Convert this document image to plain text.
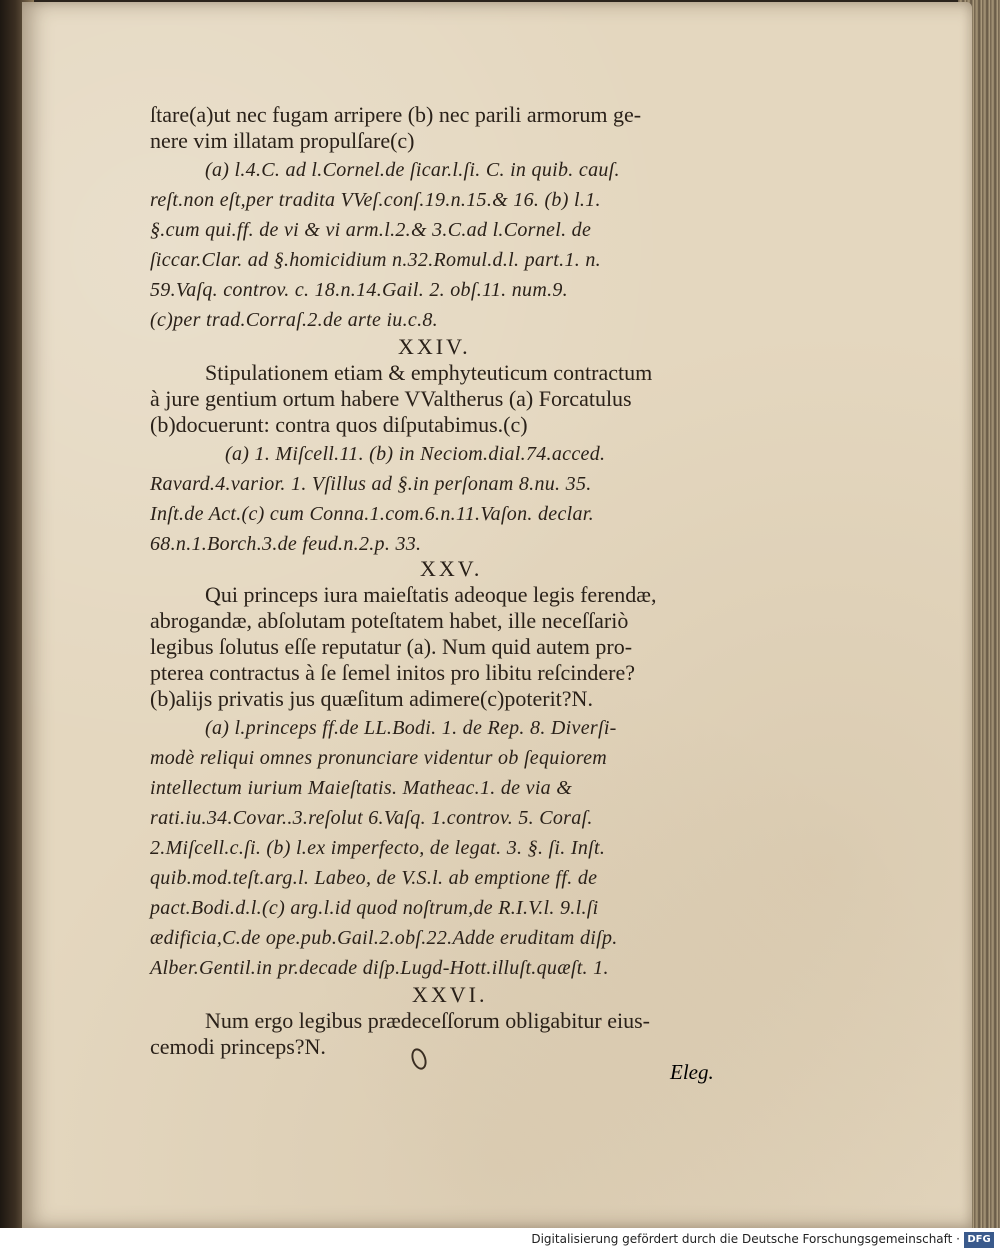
ſtare(a)ut nec fugam arripere (b) nec parili armorum ge-
nere vim illatam propulſare(c)
(a) l.4.C. ad l.Cornel.de ſicar.l.ſi. C. in quib. cauſ.
reſt.non eſt,per tradita VVeſ.conſ.19.n.15.& 16. (b) l.1.
§.cum qui.ff. de vi & vi arm.l.2.& 3.C.ad l.Cornel. de
ſiccar.Clar. ad §.homicidium n.32.Romul.d.l. part.1. n.
59.Vaſq. controv. c. 18.n.14.Gail. 2. obſ.11. num.9.
(c)per trad.Corraſ.2.de arte iu.c.8.
Stipulationem etiam & emphyteuticum contractum
à jure gentium ortum habere VValtherus (a) Forcatulus
(b)docuerunt: contra quos diſputabimus.(c)
(a) 1. Miſcell.11. (b) in Neciom.dial.74.acced.
Ravard.4.varior. 1. Vſillus ad §.in perſonam 8.nu. 35.
Inſt.de Act.(c) cum Conna.1.com.6.n.11.Vaſon. declar.
68.n.1.Borch.3.de feud.n.2.p. 33.
Qui princeps iura maieſtatis adeoque legis ferendæ,
abrogandæ, abſolutam poteſtatem habet, ille neceſſariò
legibus ſolutus eſſe reputatur (a). Num quid autem pro-
pterea contractus à ſe ſemel initos pro libitu reſcindere?
(b)alijs privatis jus quæſitum adimere(c)poterit?N.
(a) l.princeps ff.de LL.Bodi. 1. de Rep. 8. Diverſi-
modè reliqui omnes pronunciare videntur ob ſequiorem
intellectum iurium Maieſtatis. Matheac.1. de via &
rati.iu.34.Covar..3.reſolut 6.Vaſq. 1.controv. 5. Coraſ.
2.Miſcell.c.ſi. (b) l.ex imperfecto, de legat. 3. §. ſi. Inſt.
quib.mod.teſt.arg.l. Labeo, de V.S.l. ab emptione ff. de
pact.Bodi.d.l.(c) arg.l.id quod noſtrum,de R.I.V.l. 9.l.ſi
ædificia,C.de ope.pub.Gail.2.obſ.22.Adde eruditam diſp.
Alber.Gentil.in pr.decade diſp.Lugd-Hott.illuſt.quæſt. 1.
Num ergo legibus prædeceſſorum obligabitur eius-
cemodi princeps?N.
XXIV.
XXV.
XXVI.
Eleg.
Digitalisierung gefördert durch die Deutsche Forschungsgemeinschaft · DFG
